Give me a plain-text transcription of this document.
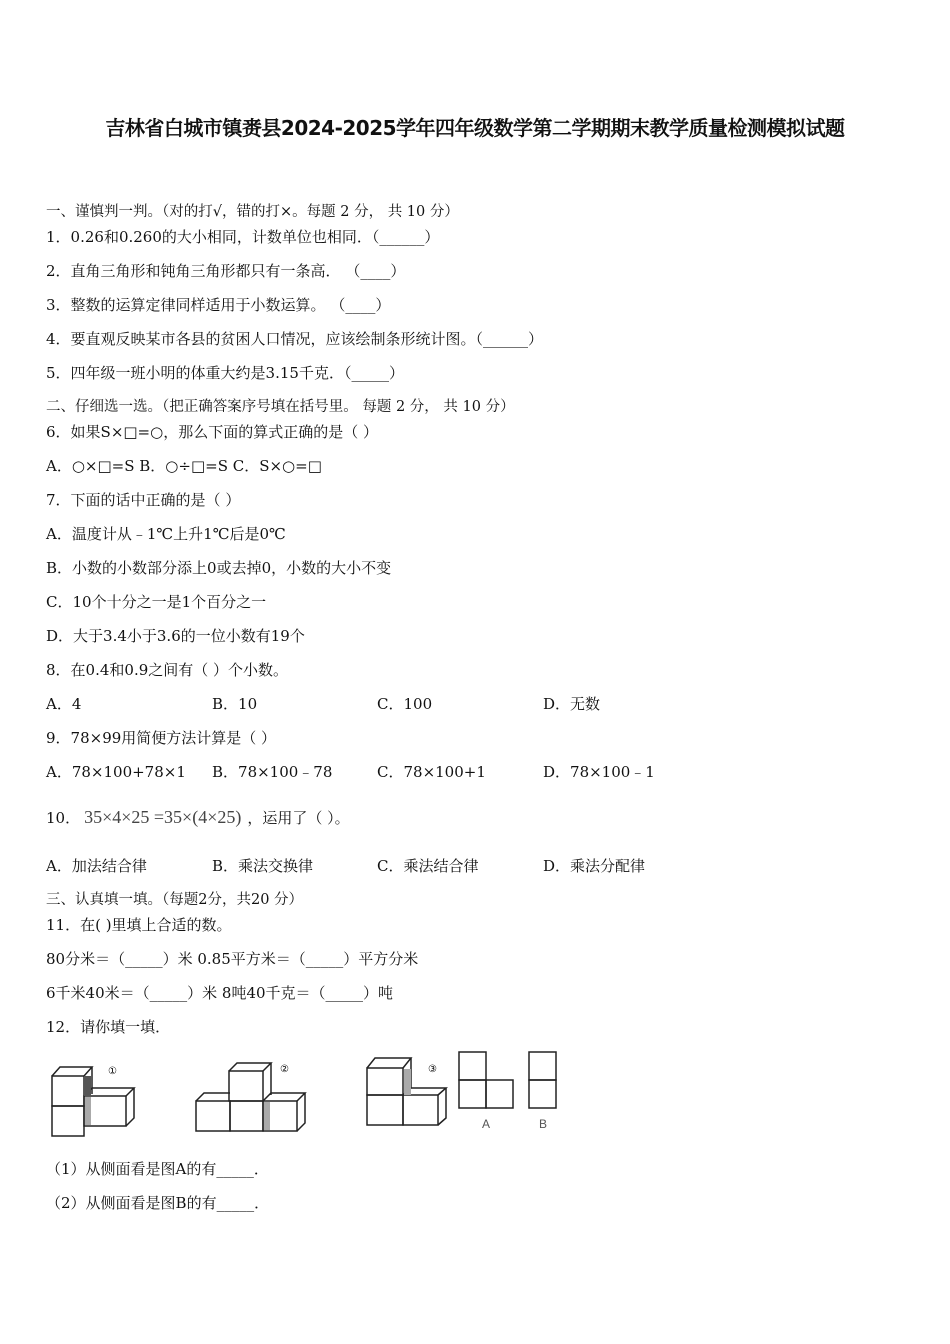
吉林省白城市镇赉县2024-2025学年四年级数学第二学期期末教学质量检测模拟试题
一、谨慎判一判。（对的打√，错的打×。每题 2 分， 共 10 分）
1．0.26和0.260的大小相同，计数单位也相同．（______）
2．直角三角形和钝角三角形都只有一条高． （____）
3．整数的运算定律同样适用于小数运算。 （____）
4．要直观反映某市各县的贫困人口情况，应该绘制条形统计图。（______）
5．四年级一班小明的体重大约是3.15千克．（_____）
二、仔细选一选。（把正确答案序号填在括号里。 每题 2 分， 共 10 分）
6．如果S×□=○，那么下面的算式正确的是（ ）
A．○×□=S B．○÷□=S C．S×○=□
7．下面的话中正确的是（ ）
A．温度计从﹣1℃上升1℃后是0℃
B．小数的小数部分添上0或去掉0，小数的大小不变
C．10个十分之一是1个百分之一
D．大于3.4小于3.6的一位小数有19个
8．在0.4和0.9之间有（ ）个小数。
A．4	B．10	C．100	D．无数
9．78×99用简便方法计算是（ ）
A．78×100+78×1 B．78×100﹣78	C．78×100+1	D．78×100﹣1
10． 35×4×25 =35×(4×25) ，运用了（ ）。
A．加法结合律	B．乘法交换律	C．乘法结合律	D．乘法分配律
三、认真填一填。（每题2分，共20 分）
11．在( )里填上合适的数。
80分米＝（_____）米 0.85平方米＝（_____）平方分米
6千米40米＝（_____）米 8吨40千克＝（_____）吨
12．请你填一填．
①	②	③
A	B
（1）从侧面看是图A的有_____．
（2）从侧面看是图B的有_____．
